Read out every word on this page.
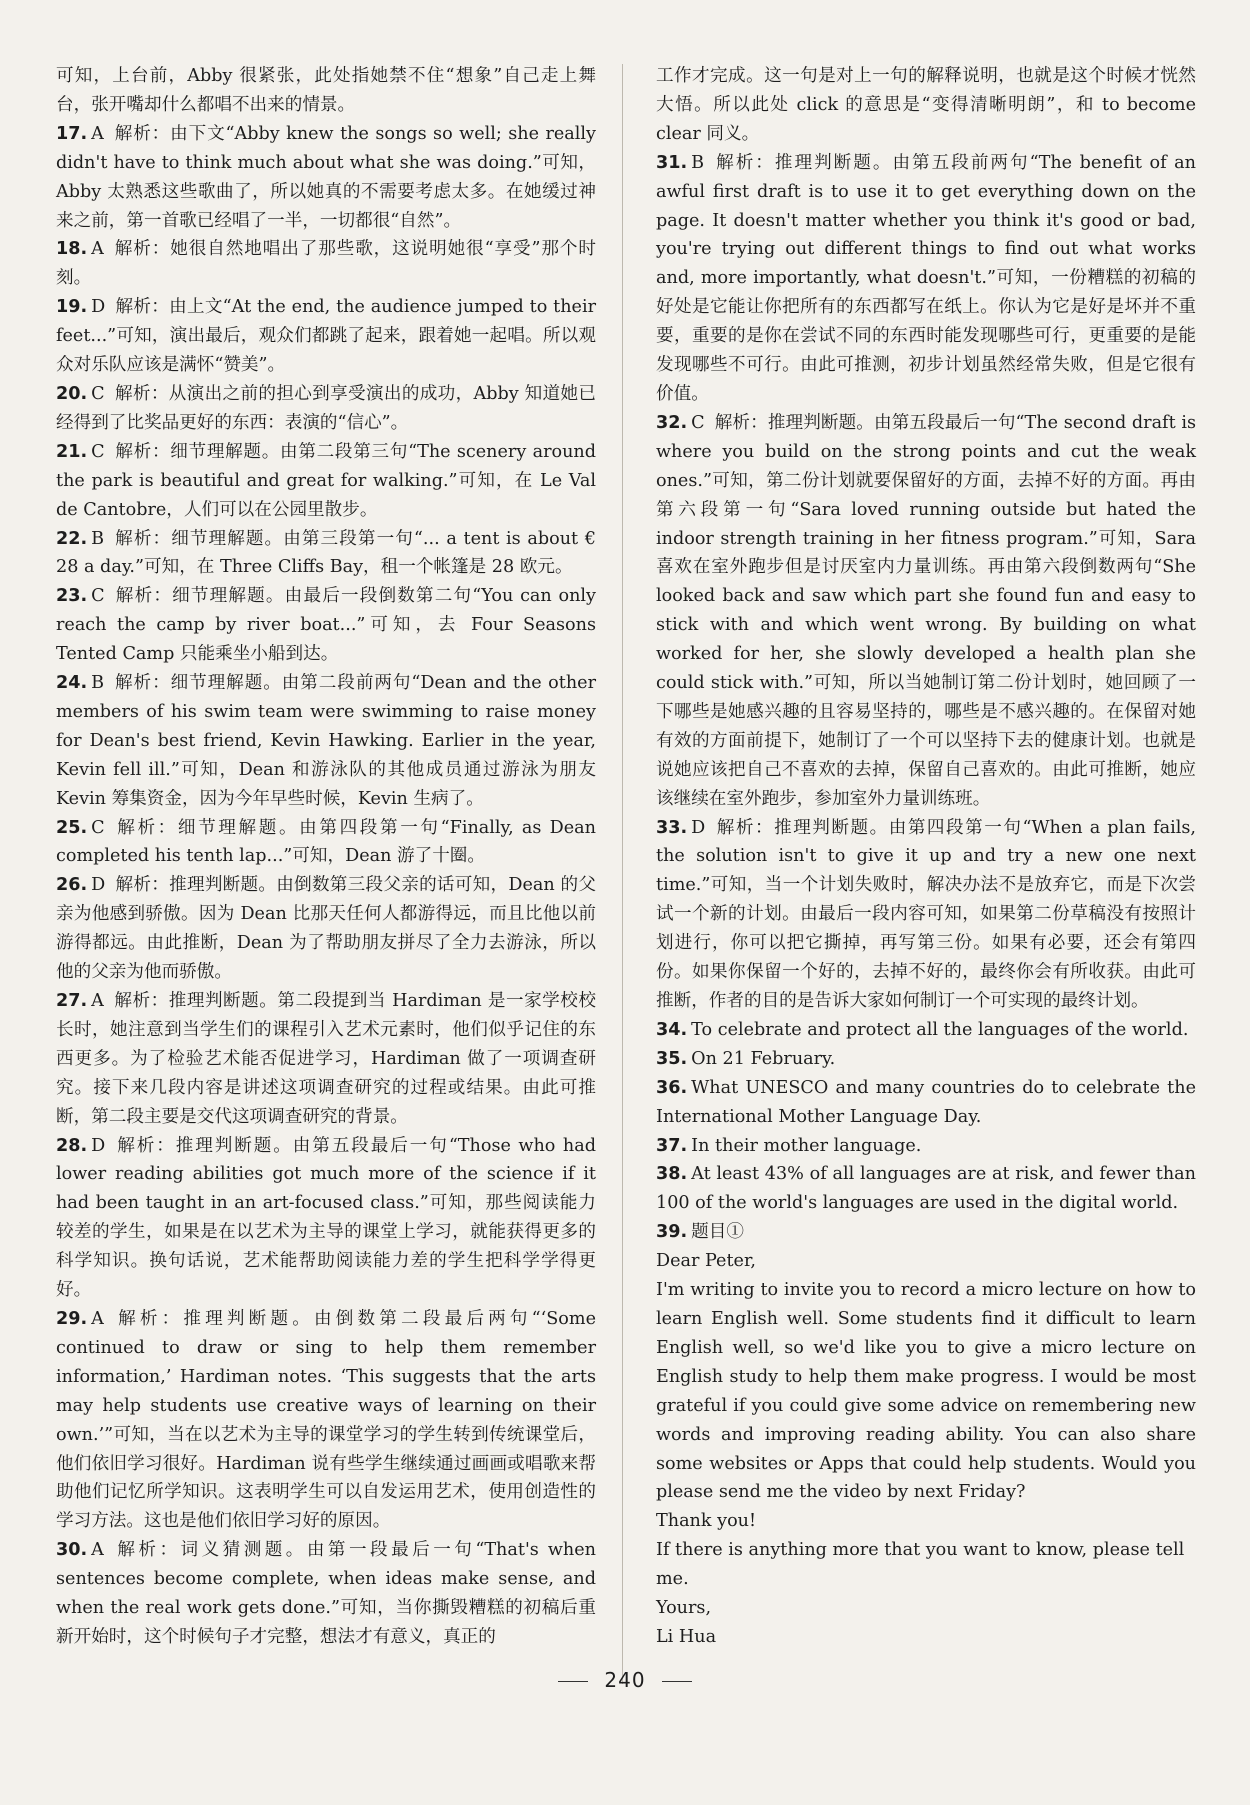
可知，上台前，Abby 很紧张，此处指她禁不住“想象”自己走上舞台，张开嘴却什么都唱不出来的情景。

17. A 解析：由下文“Abby knew the songs so well; she really didn't have to think much about what she was doing.”可知，Abby 太熟悉这些歌曲了，所以她真的不需要考虑太多。在她缓过神来之前，第一首歌已经唱了一半，一切都很“自然”。

18. A 解析：她很自然地唱出了那些歌，这说明她很“享受”那个时刻。

19. D 解析：由上文“At the end, the audience jumped to their feet...”可知，演出最后，观众们都跳了起来，跟着她一起唱。所以观众对乐队应该是满怀“赞美”。

20. C 解析：从演出之前的担心到享受演出的成功，Abby 知道她已经得到了比奖品更好的东西：表演的“信心”。

21. C 解析：细节理解题。由第二段第三句“The scenery around the park is beautiful and great for walking.”可知，在 Le Val de Cantobre，人们可以在公园里散步。

22. B 解析：细节理解题。由第三段第一句“... a tent is about € 28 a day.”可知，在 Three Cliffs Bay，租一个帐篷是 28 欧元。

23. C 解析：细节理解题。由最后一段倒数第二句“You can only reach the camp by river boat...”可知，去 Four Seasons Tented Camp 只能乘坐小船到达。

24. B 解析：细节理解题。由第二段前两句“Dean and the other members of his swim team were swimming to raise money for Dean's best friend, Kevin Hawking. Earlier in the year, Kevin fell ill.”可知，Dean 和游泳队的其他成员通过游泳为朋友 Kevin 筹集资金，因为今年早些时候，Kevin 生病了。

25. C 解析：细节理解题。由第四段第一句“Finally, as Dean completed his tenth lap...”可知，Dean 游了十圈。

26. D 解析：推理判断题。由倒数第三段父亲的话可知，Dean 的父亲为他感到骄傲。因为 Dean 比那天任何人都游得远，而且比他以前游得都远。由此推断，Dean 为了帮助朋友拼尽了全力去游泳，所以他的父亲为他而骄傲。

27. A 解析：推理判断题。第二段提到当 Hardiman 是一家学校校长时，她注意到当学生们的课程引入艺术元素时，他们似乎记住的东西更多。为了检验艺术能否促进学习，Hardiman 做了一项调查研究。接下来几段内容是讲述这项调查研究的过程或结果。由此可推断，第二段主要是交代这项调查研究的背景。

28. D 解析：推理判断题。由第五段最后一句“Those who had lower reading abilities got much more of the science if it had been taught in an art-focused class.”可知，那些阅读能力较差的学生，如果是在以艺术为主导的课堂上学习，就能获得更多的科学知识。换句话说，艺术能帮助阅读能力差的学生把科学学得更好。

29. A 解析：推理判断题。由倒数第二段最后两句“‘Some continued to draw or sing to help them remember information,’ Hardiman notes. ‘This suggests that the arts may help students use creative ways of learning on their own.’”可知，当在以艺术为主导的课堂学习的学生转到传统课堂后，他们依旧学习很好。Hardiman 说有些学生继续通过画画或唱歌来帮助他们记忆所学知识。这表明学生可以自发运用艺术，使用创造性的学习方法。这也是他们依旧学习好的原因。

30. A 解析：词义猜测题。由第一段最后一句“That's when sentences become complete, when ideas make sense, and when the real work gets done.”可知，当你撕毁糟糕的初稿后重新开始时，这个时候句子才完整，想法才有意义，真正的

工作才完成。这一句是对上一句的解释说明，也就是这个时候才恍然大悟。所以此处 click 的意思是“变得清晰明朗”，和 to become clear 同义。

31. B 解析：推理判断题。由第五段前两句“The benefit of an awful first draft is to use it to get everything down on the page. It doesn't matter whether you think it's good or bad, you're trying out different things to find out what works and, more importantly, what doesn't.”可知，一份糟糕的初稿的好处是它能让你把所有的东西都写在纸上。你认为它是好是坏并不重要，重要的是你在尝试不同的东西时能发现哪些可行，更重要的是能发现哪些不可行。由此可推测，初步计划虽然经常失败，但是它很有价值。

32. C 解析：推理判断题。由第五段最后一句“The second draft is where you build on the strong points and cut the weak ones.”可知，第二份计划就要保留好的方面，去掉不好的方面。再由第六段第一句“Sara loved running outside but hated the indoor strength training in her fitness program.”可知，Sara 喜欢在室外跑步但是讨厌室内力量训练。再由第六段倒数两句“She looked back and saw which part she found fun and easy to stick with and which went wrong. By building on what worked for her, she slowly developed a health plan she could stick with.”可知，所以当她制订第二份计划时，她回顾了一下哪些是她感兴趣的且容易坚持的，哪些是不感兴趣的。在保留对她有效的方面前提下，她制订了一个可以坚持下去的健康计划。也就是说她应该把自己不喜欢的去掉，保留自己喜欢的。由此可推断，她应该继续在室外跑步，参加室外力量训练班。

33. D 解析：推理判断题。由第四段第一句“When a plan fails, the solution isn't to give it up and try a new one next time.”可知，当一个计划失败时，解决办法不是放弃它，而是下次尝试一个新的计划。由最后一段内容可知，如果第二份草稿没有按照计划进行，你可以把它撕掉，再写第三份。如果有必要，还会有第四份。如果你保留一个好的，去掉不好的，最终你会有所收获。由此可推断，作者的目的是告诉大家如何制订一个可实现的最终计划。

34. To celebrate and protect all the languages of the world.

35. On 21 February.

36. What UNESCO and many countries do to celebrate the International Mother Language Day.

37. In their mother language.

38. At least 43% of all languages are at risk, and fewer than 100 of the world's languages are used in the digital world.

39. 题目①

Dear Peter,

I'm writing to invite you to record a micro lecture on how to learn English well. Some students find it difficult to learn English well, so we'd like you to give a micro lecture on English study to help them make progress. I would be most grateful if you could give some advice on remembering new words and improving reading ability. You can also share some websites or Apps that could help students. Would you please send me the video by next Friday?

Thank you!

If there is anything more that you want to know, please tell me.

Yours,

Li Hua

240
